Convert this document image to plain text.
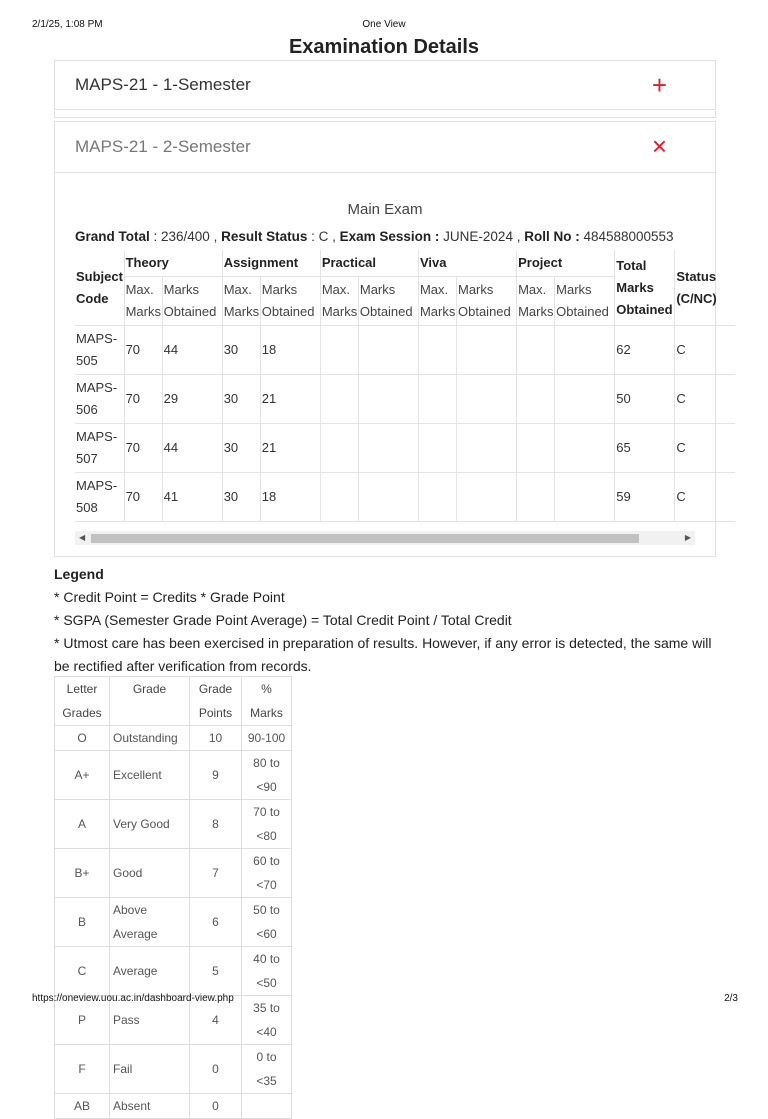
2/1/25, 1:08 PM	One View
Examination Details
MAPS-21 - 1-Semester	+
MAPS-21 - 2-Semester	×
Main Exam
Grand Total : 236/400 , Result Status : C , Exam Session : JUNE-2024 , Roll No : 484588000553
Subject Code	Theory		Assignment		Practical		Viva		Project		Total Marks Obtained	Status (C/NC)
	Max. Marks	Marks Obtained	Max. Marks	Marks Obtained	Max. Marks	Marks Obtained	Max. Marks	Marks Obtained	Max. Marks	Marks Obtained		
MAPS-505	70	44	30	18							62	C
MAPS-506	70	29	30	21							50	C
MAPS-507	70	44	30	21							65	C
MAPS-508	70	41	30	18							59	C
◀	▶
Legend
* Credit Point = Credits * Grade Point
* SGPA (Semester Grade Point Average) = Total Credit Point / Total Credit
* Utmost care has been exercised in preparation of results. However, if any error is detected, the same will be rectified after verification from records.
Letter Grades	Grade	Grade Points	% Marks
O	Outstanding	10	90-100
A+	Excellent	9	80 to <90
A	Very Good	8	70 to <80
B+	Good	7	60 to <70
B	Above Average	6	50 to <60
C	Average	5	40 to <50
P	Pass	4	35 to <40
F	Fail	0	0 to <35
AB	Absent	0	
https://oneview.uou.ac.in/dashboard-view.php	2/3
